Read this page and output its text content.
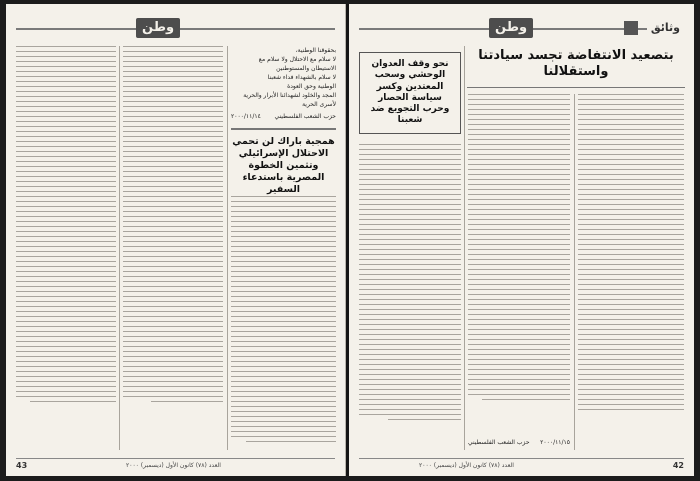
وطن
بحقوقنا الوطنية،
لا سلام مع الاحتلال ولا سلام مع
الاستيطان والمستوطنين
لا سلام بالشهداء فداء شعبنا
الوطنية وحق العودة
المجد والخلود لشهدائنا الأبرار والحرية
لأسرى الحرية
٢٠٠٠/١١/١٤ حزب الشعب الفلسطيني
همجية باراك لن تحمي الاحتلال الإسرائيلي وتثمين الخطوة المصرية باستدعاء السفير
43	العدد (٧٨) كانون الأول (ديسمبر) ٢٠٠٠
وطن	وثائق
بتصعيد الانتفاضة تجسد سيادتنا واستقلالنا
نحو وقف العدوان الوحشي وسحب المعتدين وكسر سياسة الحصار وحرب التجويع ضد شعبنا
حزب الشعب الفلسطيني ٢٠٠٠/١١/١٥
العدد (٧٨) كانون الأول (ديسمبر) ٢٠٠٠	42
